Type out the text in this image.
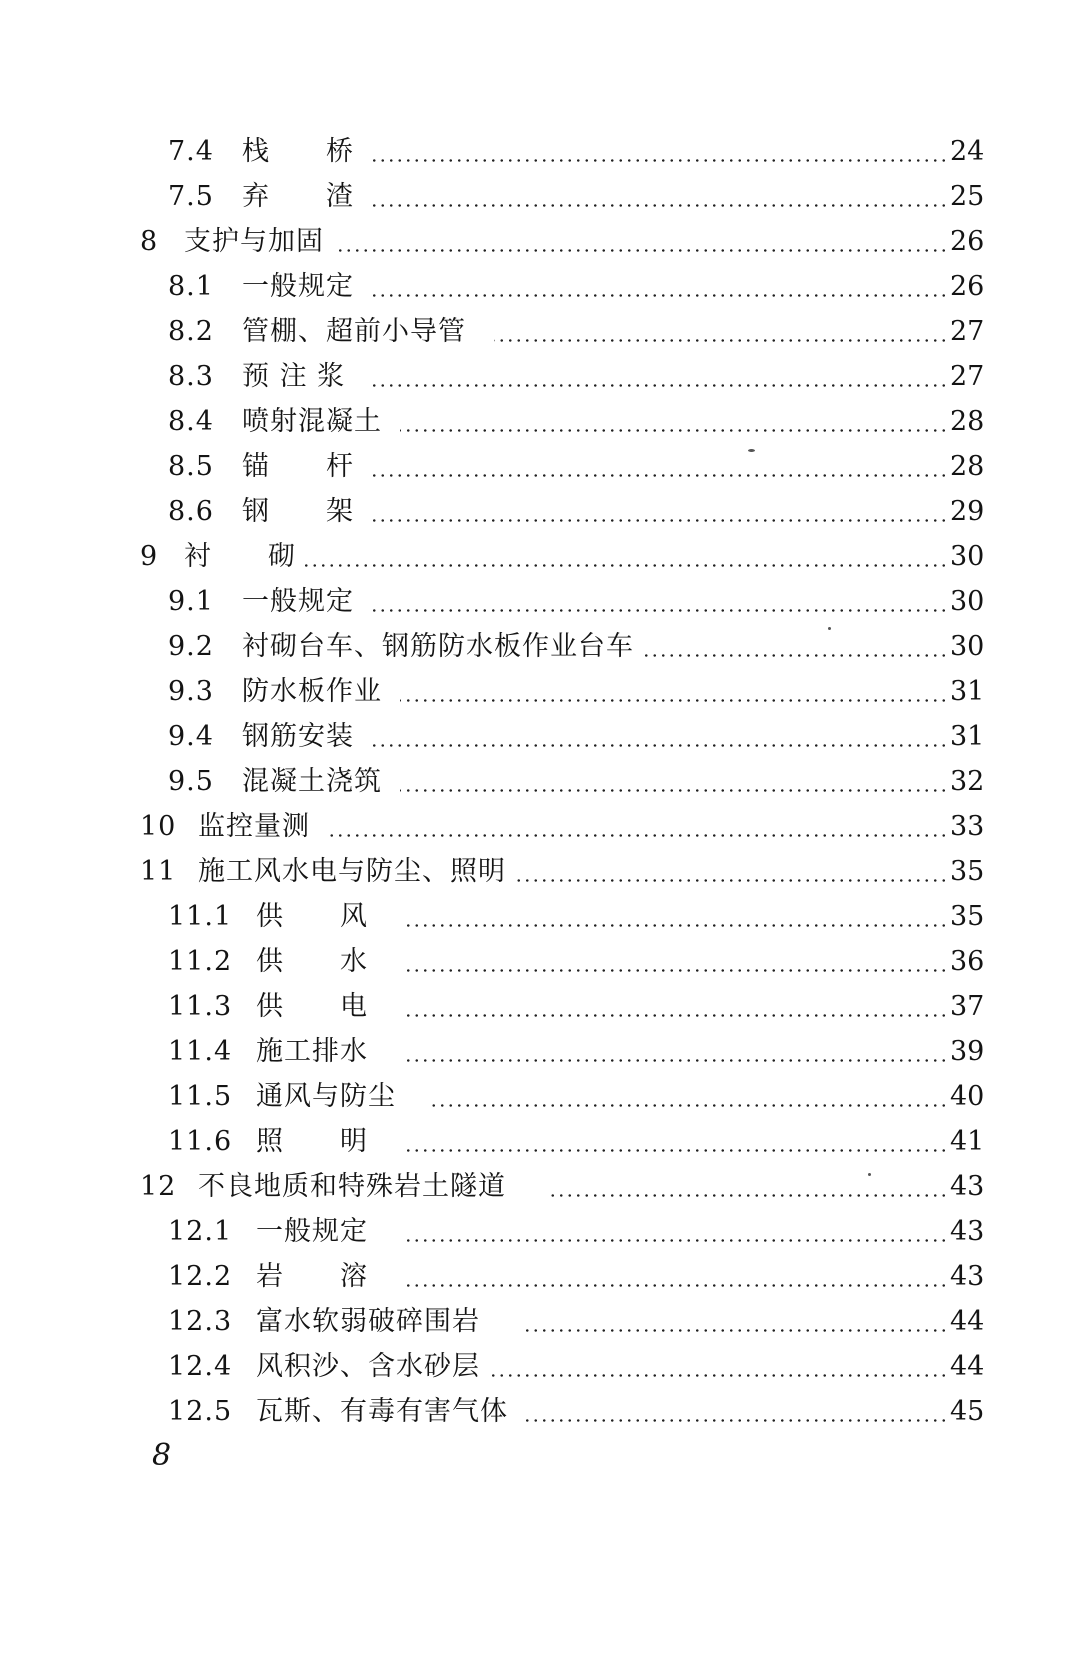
7.4 栈　　桥	24
7.5 弃　　渣	25
8 支护与加固	26
8.1 一般规定	26
8.2 管棚、超前小导管	27
8.3 预 注 浆	27
8.4 喷射混凝土	28
8.5 锚　　杆	28
8.6 钢　　架	29
9 衬　　砌	30
9.1 一般规定	30
9.2 衬砌台车、钢筋防水板作业台车	30
9.3 防水板作业	31
9.4 钢筋安装	31
9.5 混凝土浇筑	32
10 监控量测	33
11 施工风水电与防尘、照明	35
11.1 供　　风	35
11.2 供　　水	36
11.3 供　　电	37
11.4 施工排水	39
11.5 通风与防尘	40
11.6 照　　明	41
12 不良地质和特殊岩土隧道	43
12.1 一般规定	43
12.2 岩　　溶	43
12.3 富水软弱破碎围岩	44
12.4 风积沙、含水砂层	44
12.5 瓦斯、有毒有害气体	45
8
